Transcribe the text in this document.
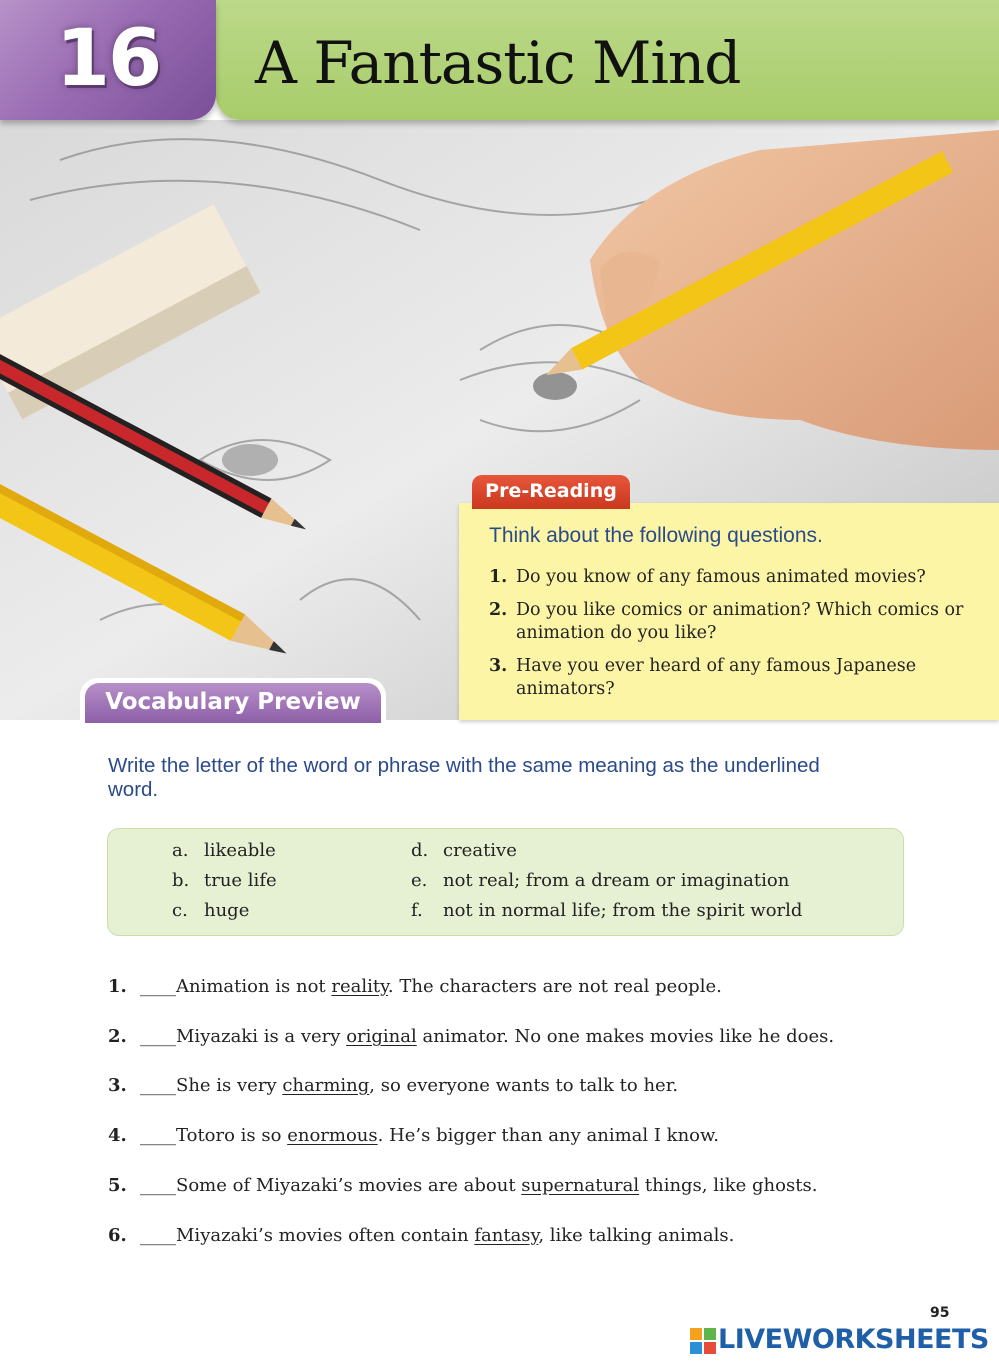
16	A Fantastic Mind
Pre-Reading
Think about the following questions.
1. Do you know of any famous animated movies?
2. Do you like comics or animation? Which comics or animation do you like?
3. Have you ever heard of any famous Japanese animators?
Vocabulary Preview
Write the letter of the word or phrase with the same meaning as the underlined word.
a. likeable
b. true life
c. huge
d. creative
e. not real; from a dream or imagination
f. not in normal life; from the spirit world
1. ____ Animation is not reality. The characters are not real people.
2. ____ Miyazaki is a very original animator. No one makes movies like he does.
3. ____ She is very charming, so everyone wants to talk to her.
4. ____ Totoro is so enormous. He’s bigger than any animal I know.
5. ____ Some of Miyazaki’s movies are about supernatural things, like ghosts.
6. ____ Miyazaki’s movies often contain fantasy, like talking animals.
95
LIVEWORKSHEETS
